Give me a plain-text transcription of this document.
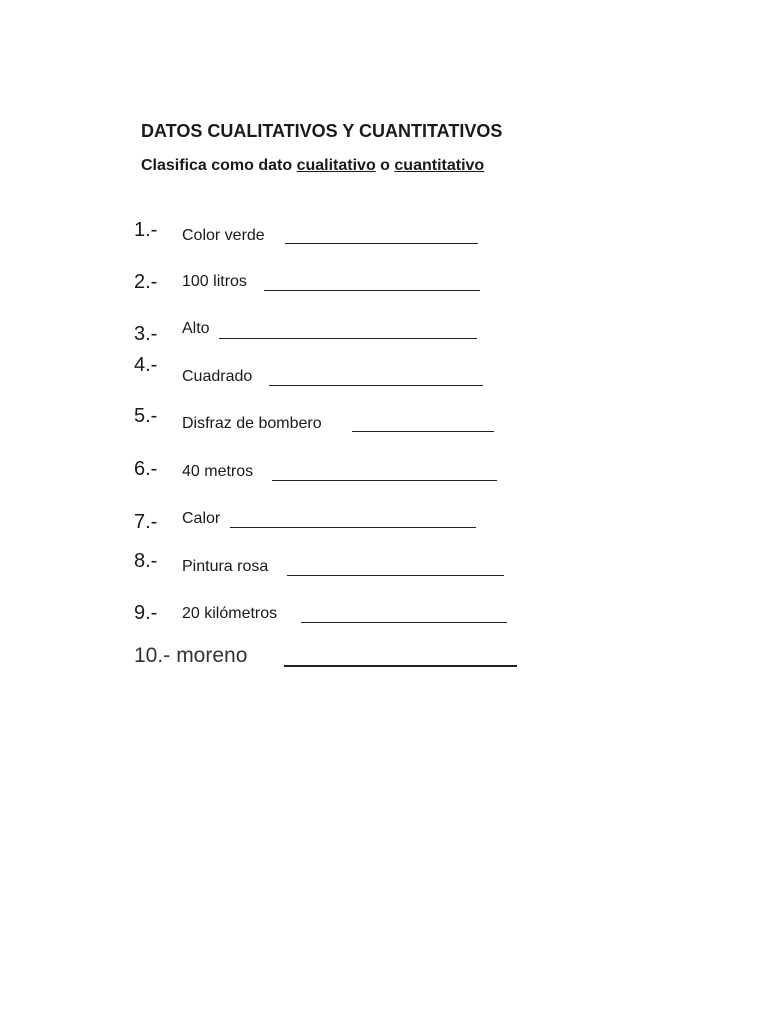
DATOS CUALITATIVOS Y CUANTITATIVOS

Clasifica como dato cualitativo o cuantitativo

1.- Color verde
2.- 100 litros
3.- Alto
4.-
Cuadrado
5.- Disfraz de bombero
6.- 40 metros
7.- Calor
8.- Pintura rosa
9.- 20 kilómetros
10.- moreno
